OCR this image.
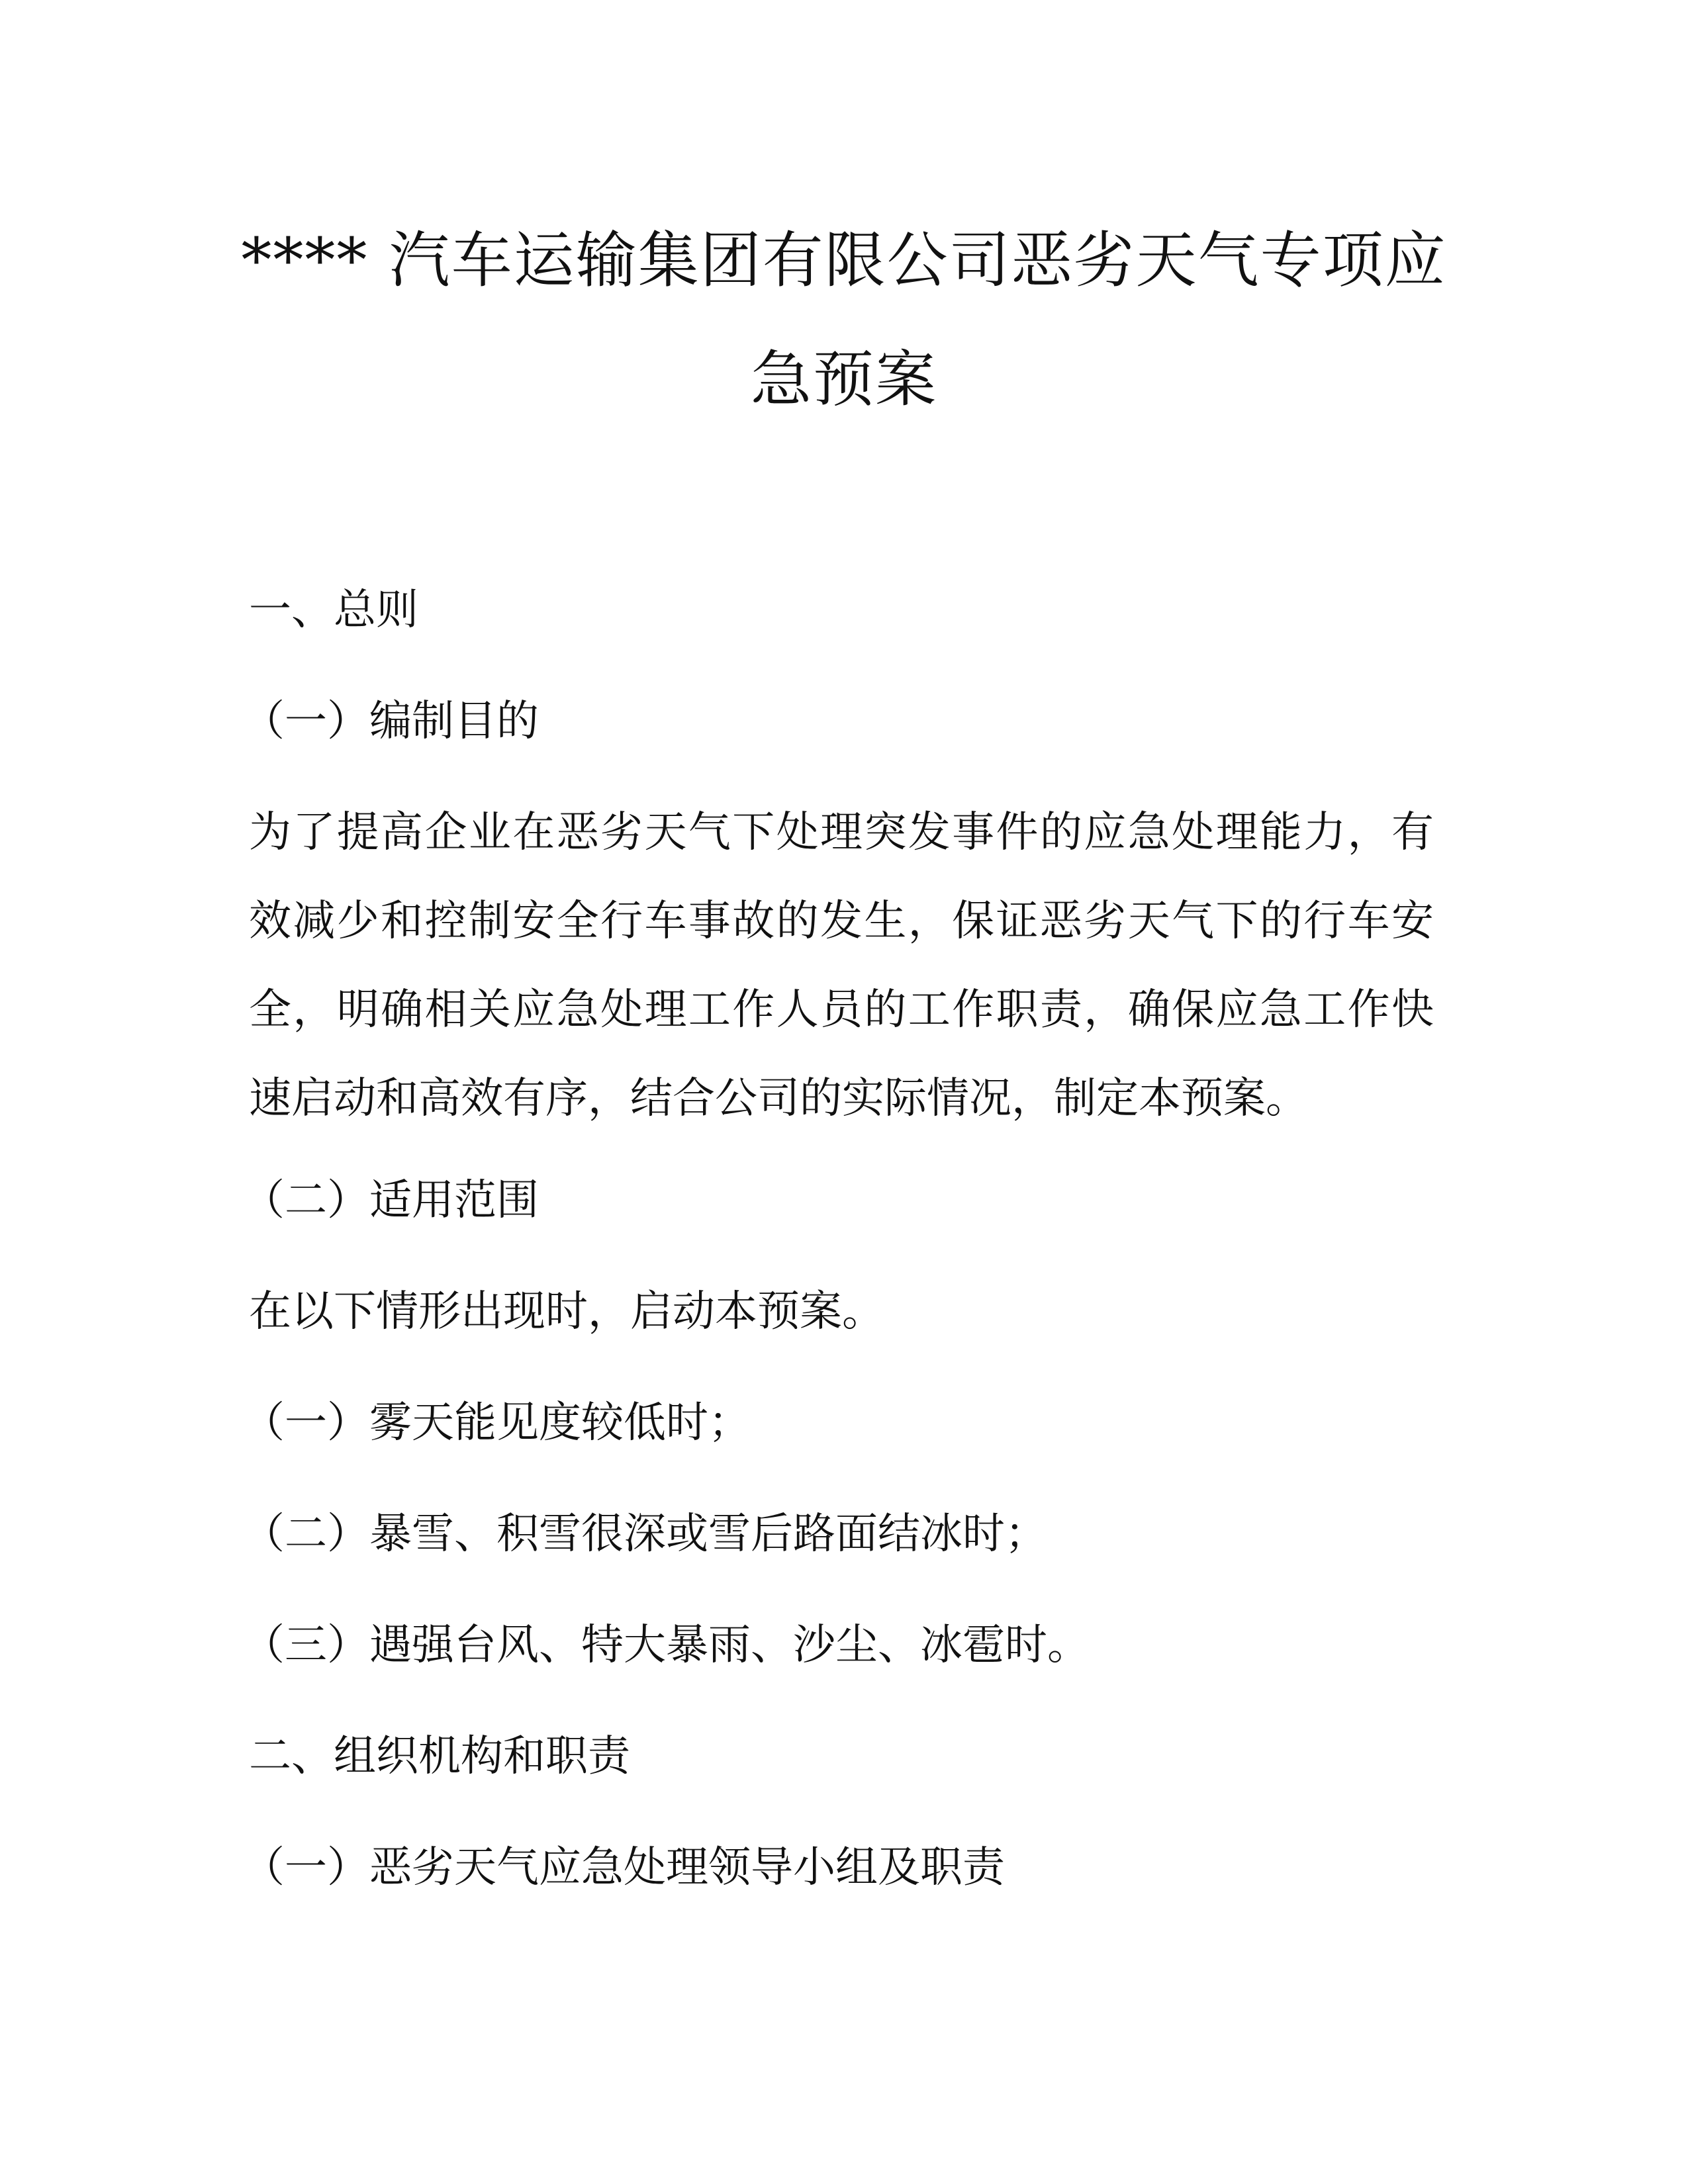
**** 汽车运输集团有限公司恶劣天气专项应
急预案
一、总则
（一）编制目的
为了提高企业在恶劣天气下处理突发事件的应急处理能力，有
效减少和控制安全行车事故的发生，保证恶劣天气下的行车安
全，明确相关应急处理工作人员的工作职责，确保应急工作快
速启动和高效有序，结合公司的实际情况，制定本预案。
（二）适用范围
在以下情形出现时，启动本预案。
（一）雾天能见度较低时；
（二）暴雪、积雪很深或雪后路面结冰时；
（三）遇强台风、特大暴雨、沙尘、冰雹时。
二、组织机构和职责
（一）恶劣天气应急处理领导小组及职责
